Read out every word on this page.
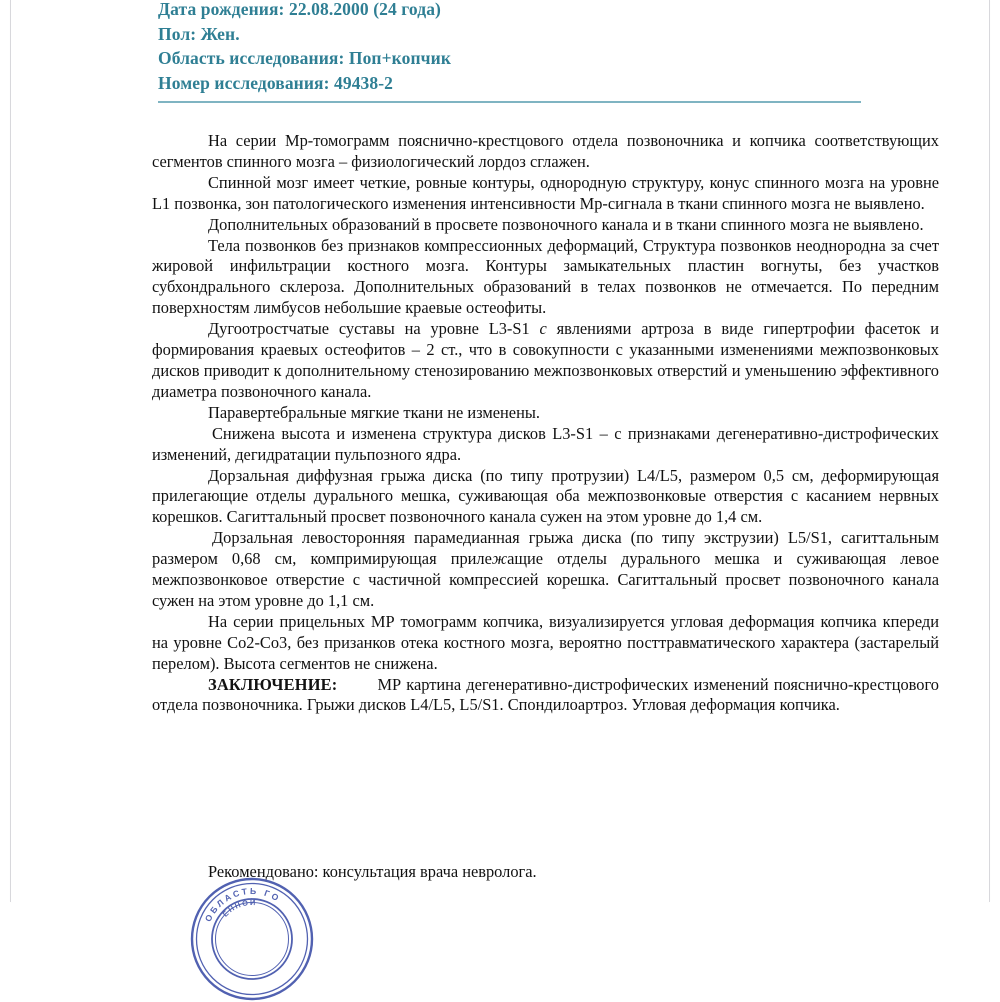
Дата рождения: 22.08.2000 (24 года)
Пол: Жен.
Область исследования: Поп+копчик
Номер исследования: 49438-2

На серии Мр-томограмм пояснично-крестцового отдела позвоночника и копчика соответствующих сегментов спинного мозга – физиологический лордоз сглажен.

Спинной мозг имеет четкие, ровные контуры, однородную структуру, конус спинного мозга на уровне L1 позвонка, зон патологического изменения интенсивности Мр-сигнала в ткани спинного мозга не выявлено.

Дополнительных образований в просвете позвоночного канала и в ткани спинного мозга не выявлено.

Тела позвонков без признаков компрессионных деформаций, Структура позвонков неоднородна за счет жировой инфильтрации костного мозга. Контуры замыкательных пластин вогнуты, без участков субхондрального склероза. Дополнительных образований в телах позвонков не отмечается. По передним поверхностям лимбусов небольшие краевые остеофиты.

Дугоотростчатые суставы на уровне L3-S1 с явлениями артроза в виде гипертрофии фасеток и формирования краевых остеофитов – 2 ст., что в совокупности с указанными изменениями межпозвонковых дисков приводит к дополнительному стенозированию межпозвонковых отверстий и уменьшению эффективного диаметра позвоночного канала.

Паравертебральные мягкие ткани не изменены.

Снижена высота и изменена структура дисков L3-S1 – с признаками дегенеративно-дистрофических изменений, дегидратации пульпозного ядра.

Дорзальная диффузная грыжа диска (по типу протрузии) L4/L5, размером 0,5 см, деформирующая прилегающие отделы дурального мешка, суживающая оба межпозвонковые отверстия с касанием нервных корешков. Сагиттальный просвет позвоночного канала сужен на этом уровне до 1,4 см.

Дорзальная левосторонняя парамедианная грыжа диска (по типу экструзии) L5/S1, сагиттальным размером 0,68 см, компримирующая прилежащие отделы дурального мешка и суживающая левое межпозвонковое отверстие с частичной компрессией корешка. Сагиттальный просвет позвоночного канала сужен на этом уровне до 1,1 см.

На серии прицельных МР томограмм копчика, визуализируется угловая деформация копчика кпереди на уровне Со2-Со3, без призанков отека костного мозга, вероятно посттравматического характера (застарелый перелом). Высота сегментов не снижена.

ЗАКЛЮЧЕНИЕ: МР картина дегенеративно-дистрофических изменений пояснично-крестцового отдела позвоночника. Грыжи дисков L4/L5, L5/S1. Спондилоартроз. Угловая деформация копчика.

Рекомендовано: консультация врача невролога.

ОБЛАСТЬ ГО
ЕННОЙ
